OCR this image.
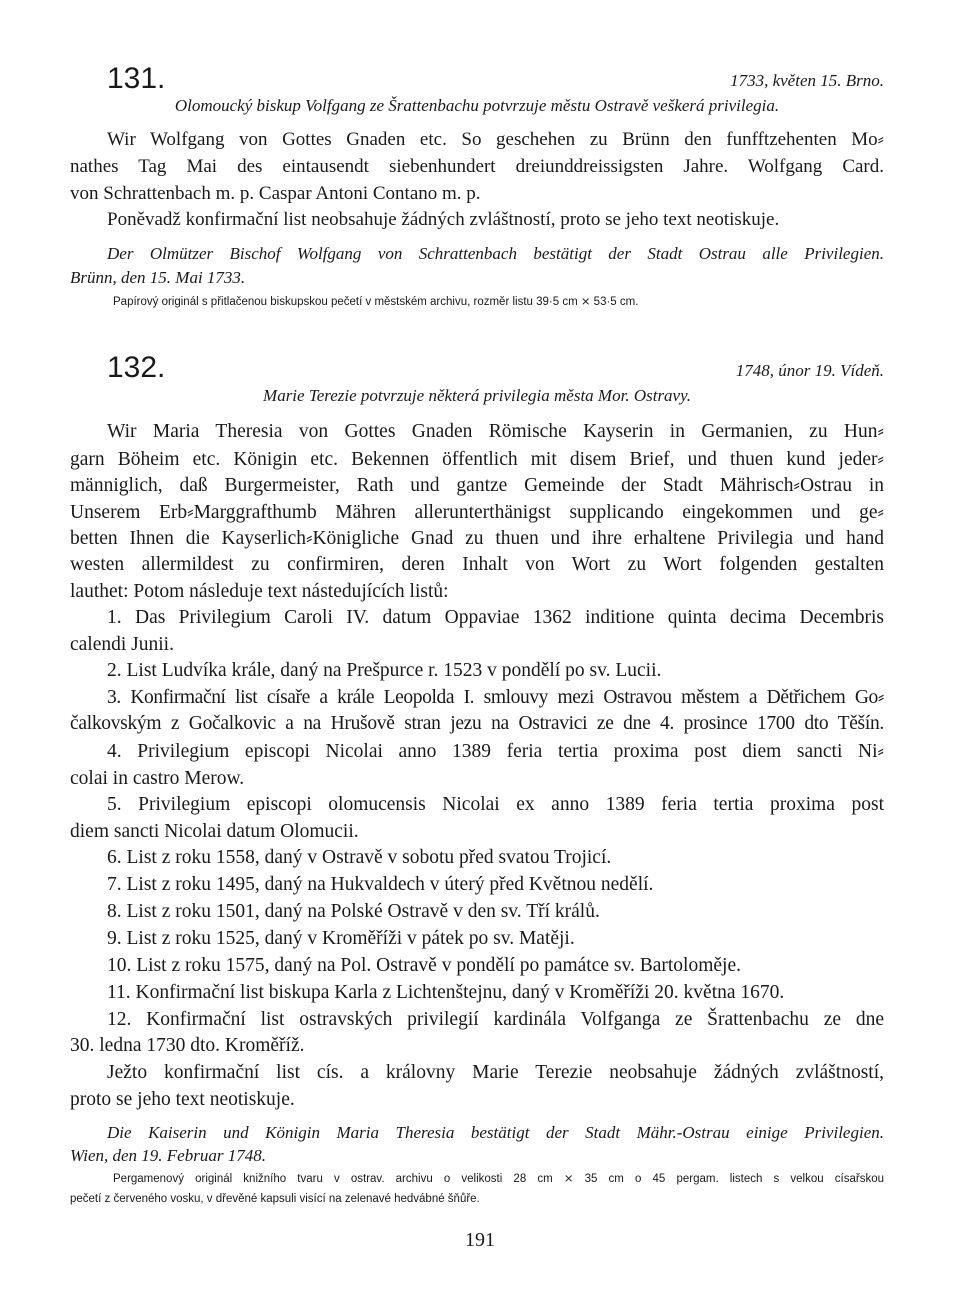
131.	1733, květen 15. Brno.
Olomoucký biskup Volfgang ze Šrattenbachu potvrzuje městu Ostravě veškerá privilegia.
Wir Wolfgang von Gottes Gnaden etc. So geschehen zu Brünn den funfftzehenten Mo⸗
nathes Tag Mai des eintausendt siebenhundert dreiunddreissigsten Jahre. Wolfgang Card.
von Schrattenbach m. p. Caspar Antoni Contano m. p.
Poněvadž konfirmační list neobsahuje žádných zvláštností, proto se jeho text neotiskuje.
Der Olmützer Bischof Wolfgang von Schrattenbach bestätigt der Stadt Ostrau alle Privilegien.
Brünn, den 15. Mai 1733.
Papírový originál s přitlačenou biskupskou pečetí v městském archivu, rozměr listu 39·5 cm ⨯ 53·5 cm.
132.	1748, únor 19. Vídeň.
Marie Terezie potvrzuje některá privilegia města Mor. Ostravy.
Wir Maria Theresia von Gottes Gnaden Römische Kayserin in Germanien, zu Hun⸗
garn Böheim etc. Königin etc. Bekennen öffentlich mit disem Brief, und thuen kund jeder⸗
männiglich, daß Burgermeister, Rath und gantze Gemeinde der Stadt Mährisch⸗Ostrau in
Unserem Erb⸗Marggrafthumb Mähren allerunterthänigst supplicando eingekommen und ge⸗
betten Ihnen die Kayserlich⸗Königliche Gnad zu thuen und ihre erhaltene Privilegia und hand
westen allermildest zu confirmiren, deren Inhalt von Wort zu Wort folgenden gestalten
lauthet: Potom následuje text nástedujících listů:
1. Das Privilegium Caroli IV. datum Oppaviae 1362 inditione quinta decima Decembris
calendi Junii.
2. List Ludvíka krále, daný na Prešpurce r. 1523 v pondělí po sv. Lucii.
3. Konfirmační list císaře a krále Leopolda I. smlouvy mezi Ostravou městem a Dětřichem Go⸗
čalkovským z Gočalkovic a na Hrušově stran jezu na Ostravici ze dne 4. prosince 1700 dto Těšín.
4. Privilegium episcopi Nicolai anno 1389 feria tertia proxima post diem sancti Ni⸗
colai in castro Merow.
5. Privilegium episcopi olomucensis Nicolai ex anno 1389 feria tertia proxima post
diem sancti Nicolai datum Olomucii.
6. List z roku 1558, daný v Ostravě v sobotu před svatou Trojicí.
7. List z roku 1495, daný na Hukvaldech v úterý před Květnou nedělí.
8. List z roku 1501, daný na Polské Ostravě v den sv. Tří králů.
9. List z roku 1525, daný v Kroměříži v pátek po sv. Matěji.
10. List z roku 1575, daný na Pol. Ostravě v pondělí po památce sv. Bartoloměje.
11. Konfirmační list biskupa Karla z Lichtenštejnu, daný v Kroměříži 20. května 1670.
12. Konfirmační list ostravských privilegií kardinála Volfganga ze Šrattenbachu ze dne
30. ledna 1730 dto. Kroměříž.
Ježto konfirmační list cís. a královny Marie Terezie neobsahuje žádných zvláštností,
proto se jeho text neotiskuje.
Die Kaiserin und Königin Maria Theresia bestätigt der Stadt Mähr.-Ostrau einige Privilegien.
Wien, den 19. Februar 1748.
Pergamenový originál knižního tvaru v ostrav. archivu o velikosti 28 cm ⨯ 35 cm o 45 pergam. listech s velkou císařskou
pečetí z červeného vosku, v dřevěné kapsuli visící na zelenavé hedvábné šňůře.
191
